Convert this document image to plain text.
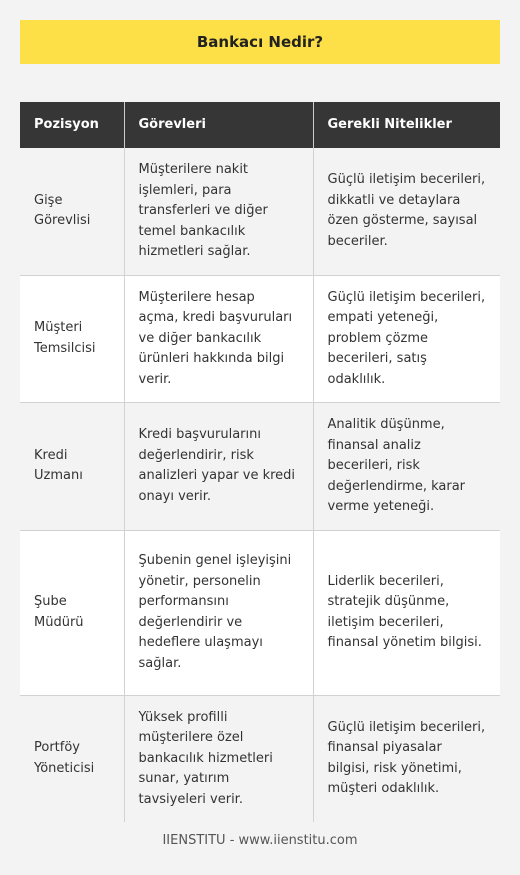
Bankacı Nedir?
Pozisyon	Görevleri	Gerekli Nitelikler
Gişe Görevlisi	Müşterilere nakit işlemleri, para transferleri ve diğer temel bankacılık hizmetleri sağlar.	Güçlü iletişim becerileri, dikkatli ve detaylara özen gösterme, sayısal beceriler.
Müşteri Temsilcisi	Müşterilere hesap açma, kredi başvuruları ve diğer bankacılık ürünleri hakkında bilgi verir.	Güçlü iletişim becerileri, empati yeteneği, problem çözme becerileri, satış odaklılık.
Kredi Uzmanı	Kredi başvurularını değerlendirir, risk analizleri yapar ve kredi onayı verir.	Analitik düşünme, finansal analiz becerileri, risk değerlendirme, karar verme yeteneği.
Şube Müdürü	Şubenin genel işleyişini yönetir, personelin performansını değerlendirir ve hedeflere ulaşmayı sağlar.	Liderlik becerileri, stratejik düşünme, iletişim becerileri, finansal yönetim bilgisi.
Portföy Yöneticisi	Yüksek profilli müşterilere özel bankacılık hizmetleri sunar, yatırım tavsiyeleri verir.	Güçlü iletişim becerileri, finansal piyasalar bilgisi, risk yönetimi, müşteri odaklılık.
IIENSTITU - www.iienstitu.com
